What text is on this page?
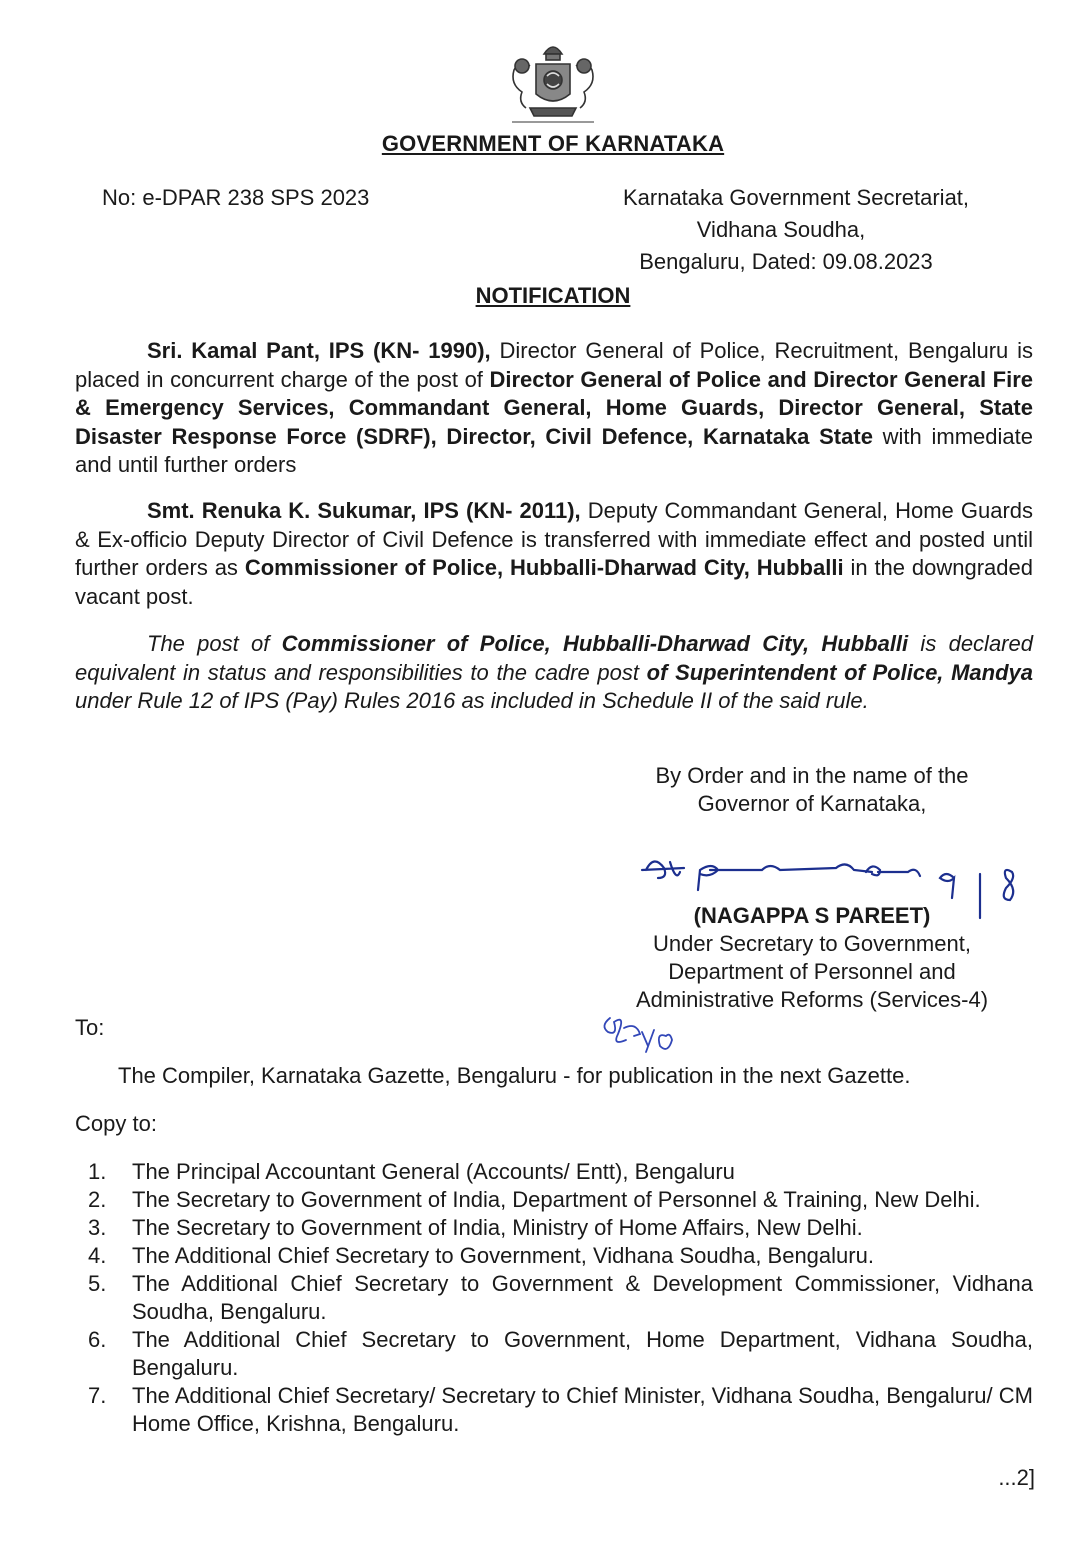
GOVERNMENT OF KARNATAKA
No: e-DPAR 238 SPS 2023	Karnataka Government Secretariat,
Vidhana Soudha,
Bengaluru, Dated: 09.08.2023
NOTIFICATION
Sri. Kamal Pant, IPS (KN- 1990), Director General of Police, Recruitment, Bengaluru is placed in concurrent charge of the post of Director General of Police and Director General Fire & Emergency Services, Commandant General, Home Guards, Director General, State Disaster Response Force (SDRF), Director, Civil Defence, Karnataka State with immediate and until further orders
Smt. Renuka K. Sukumar, IPS (KN- 2011), Deputy Commandant General, Home Guards & Ex-officio Deputy Director of Civil Defence is transferred with immediate effect and posted until further orders as Commissioner of Police, Hubballi-Dharwad City, Hubballi in the downgraded vacant post.
The post of Commissioner of Police, Hubballi-Dharwad City, Hubballi is declared equivalent in status and responsibilities to the cadre post of Superintendent of Police, Mandya under Rule 12 of IPS (Pay) Rules 2016 as included in Schedule II of the said rule.
By Order and in the name of the
Governor of Karnataka,
(NAGAPPA S PAREET)
Under Secretary to Government,
Department of Personnel and
Administrative Reforms (Services-4)
To:
The Compiler, Karnataka Gazette, Bengaluru - for publication in the next Gazette.
Copy to:
1.	The Principal Accountant General (Accounts/ Entt), Bengaluru
2.	The Secretary to Government of India, Department of Personnel & Training, New Delhi.
3.	The Secretary to Government of India, Ministry of Home Affairs, New Delhi.
4.	The Additional Chief Secretary to Government, Vidhana Soudha, Bengaluru.
5.	The Additional Chief Secretary to Government & Development Commissioner, Vidhana Soudha, Bengaluru.
6.	The Additional Chief Secretary to Government, Home Department, Vidhana Soudha, Bengaluru.
7.	The Additional Chief Secretary/ Secretary to Chief Minister, Vidhana Soudha, Bengaluru/ CM Home Office, Krishna, Bengaluru.
...2]
